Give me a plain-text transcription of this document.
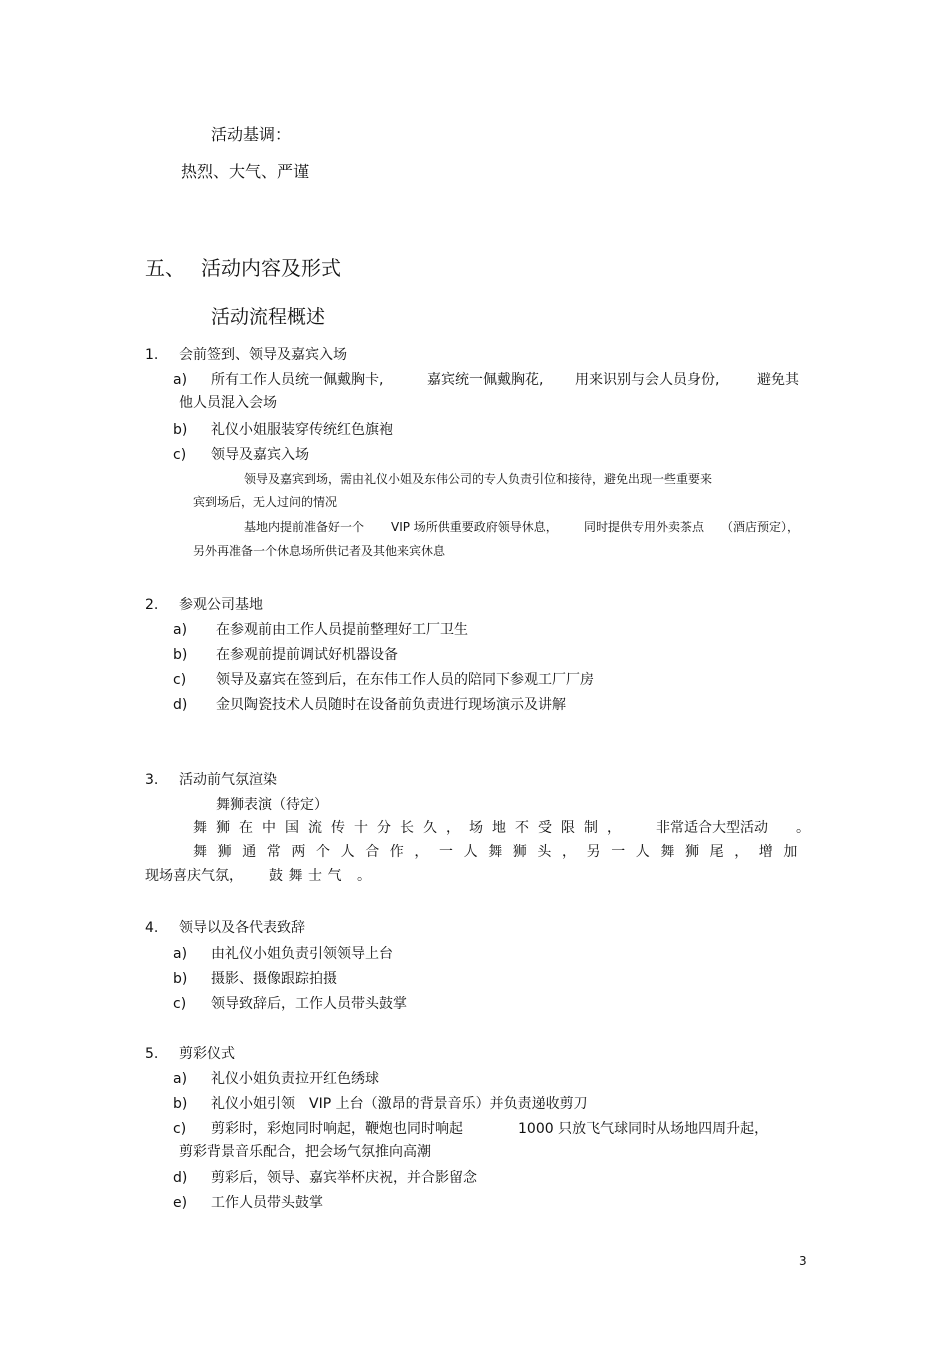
活动基调：
热烈、大气、严谨
五、 活动内容及形式
活动流程概述
1. 会前签到、领导及嘉宾入场
a) 所有工作人员统一佩戴胸卡,	嘉宾统一佩戴胸花, 用来识别与会人员身份,	避免其
他人员混入会场
b) 礼仪小姐服装穿传统红色旗袍
c) 领导及嘉宾入场
领导及嘉宾到场，需由礼仪小姐及东伟公司的专人负责引位和接待，避免出现一些重要来
宾到场后，无人过问的情况
基地内提前准备好一个 VIP 场所供重要政府领导休息， 同时提供专用外卖茶点 （酒店预定），
另外再准备一个休息场所供记者及其他来宾休息
2. 参观公司基地
a) 在参观前由工作人员提前整理好工厂卫生
b) 在参观前提前调试好机器设备
c) 领导及嘉宾在签到后，在东伟工作人员的陪同下参观工厂厂房
d) 金贝陶瓷技术人员随时在设备前负责进行现场演示及讲解
3. 活动前气氛渲染
舞狮表演（待定）
舞狮在中国流传十分长久，场地不受限制， 非常适合大型活动 。
舞狮通常两个人合作，一人舞狮头，另一人舞狮尾，增加
现场喜庆气氛， 鼓舞士气 。
4. 领导以及各代表致辞
a) 由礼仪小姐负责引领领导上台
b) 摄影、摄像跟踪拍摄
c) 领导致辞后，工作人员带头鼓掌
5. 剪彩仪式
a) 礼仪小姐负责拉开红色绣球
b) 礼仪小姐引领　VIP 上台（激昂的背景音乐）并负责递收剪刀
c) 剪彩时，彩炮同时响起，鞭炮也同时响起	1000 只放飞气球同时从场地四周升起，
剪彩背景音乐配合，把会场气氛推向高潮
d) 剪彩后，领导、嘉宾举杯庆祝，并合影留念
e) 工作人员带头鼓掌
3
